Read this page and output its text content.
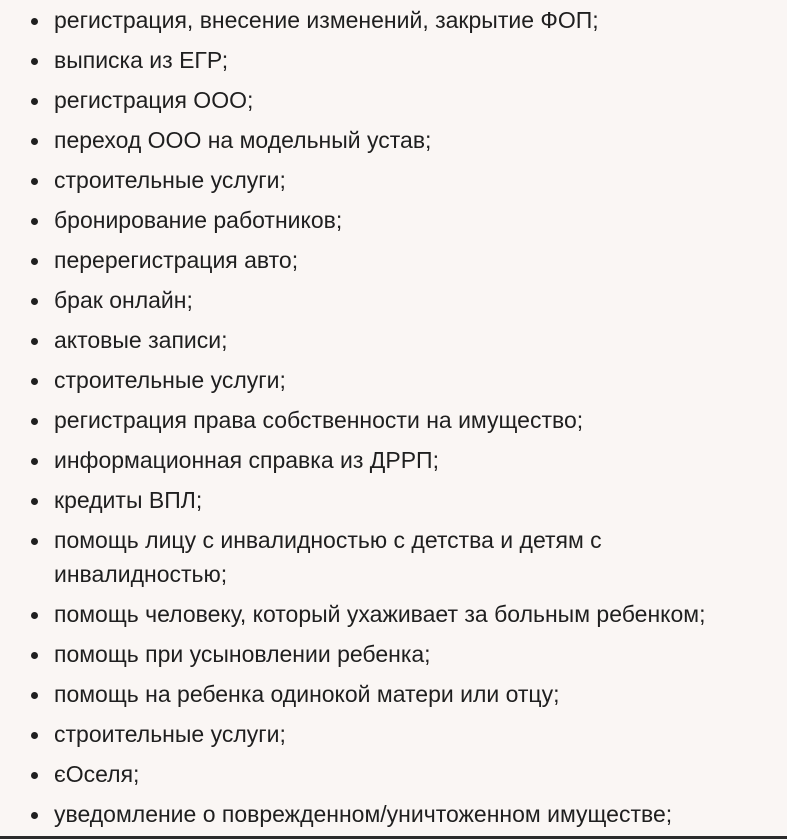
регистрация, внесение изменений, закрытие ФОП;
выписка из ЕГР;
регистрация ООО;
переход ООО на модельный устав;
строительные услуги;
бронирование работников;
перерегистрация авто;
брак онлайн;
актовые записи;
строительные услуги;
регистрация права собственности на имущество;
информационная справка из ДРРП;
кредиты ВПЛ;
помощь лицу с инвалидностью с детства и детям с инвалидностью;
помощь человеку, который ухаживает за больным ребенком;
помощь при усыновлении ребенка;
помощь на ребенка одинокой матери или отцу;
строительные услуги;
єОселя;
уведомление о поврежденном/уничтоженном имуществе;
